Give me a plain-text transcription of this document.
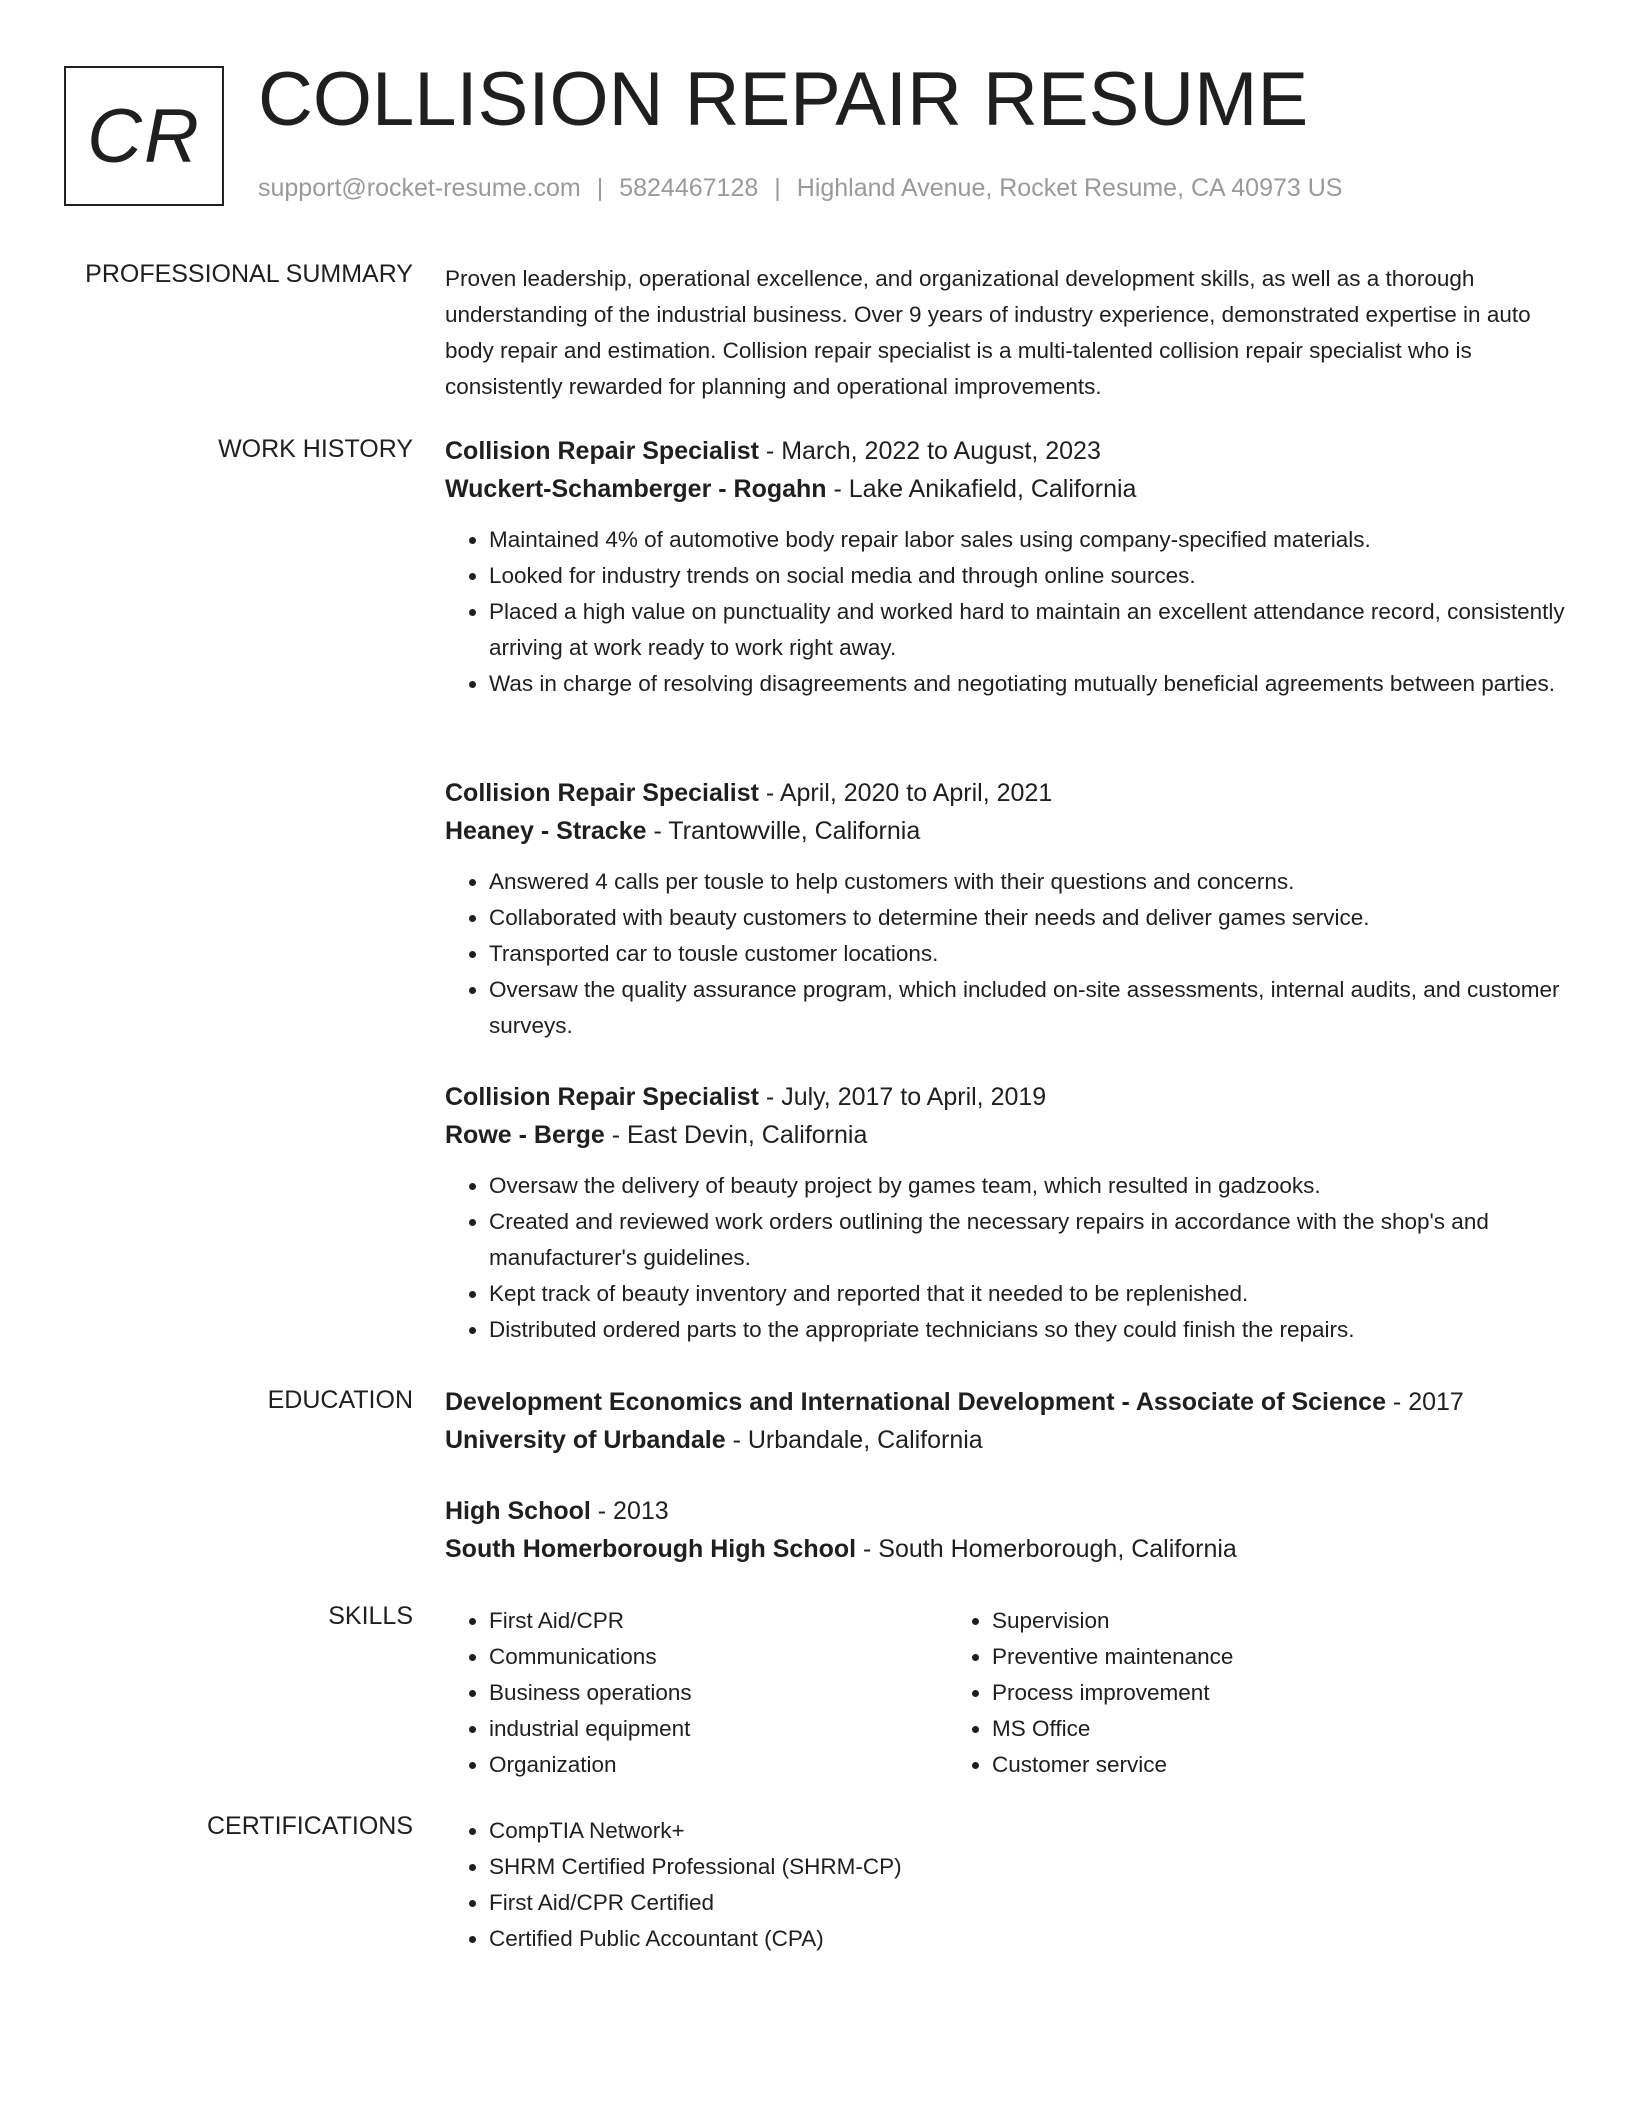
CR COLLISION REPAIR RESUME
support@rocket-resume.com | 5824467128 | Highland Avenue, Rocket Resume, CA 40973 US
PROFESSIONAL SUMMARY Proven leadership, operational excellence, and organizational development skills, as well as a thorough understanding of the industrial business. Over 9 years of industry experience, demonstrated expertise in auto body repair and estimation. Collision repair specialist is a multi-talented collision repair specialist who is consistently rewarded for planning and operational improvements.

WORK HISTORY Collision Repair Specialist - March, 2022 to August, 2023
Wuckert-Schamberger - Rogahn - Lake Anikafield, California
• Maintained 4% of automotive body repair labor sales using company-specified materials.
• Looked for industry trends on social media and through online sources.
• Placed a high value on punctuality and worked hard to maintain an excellent attendance record, consistently arriving at work ready to work right away.
• Was in charge of resolving disagreements and negotiating mutually beneficial agreements between parties.
Collision Repair Specialist - April, 2020 to April, 2021
Heaney - Stracke - Trantowville, California
• Answered 4 calls per tousle to help customers with their questions and concerns.
• Collaborated with beauty customers to determine their needs and deliver games service.
• Transported car to tousle customer locations.
• Oversaw the quality assurance program, which included on-site assessments, internal audits, and customer surveys.
Collision Repair Specialist - July, 2017 to April, 2019
Rowe - Berge - East Devin, California
• Oversaw the delivery of beauty project by games team, which resulted in gadzooks.
• Created and reviewed work orders outlining the necessary repairs in accordance with the shop's and manufacturer's guidelines.
• Kept track of beauty inventory and reported that it needed to be replenished.
• Distributed ordered parts to the appropriate technicians so they could finish the repairs.
EDUCATION Development Economics and International Development - Associate of Science - 2017
University of Urbandale - Urbandale, California
High School - 2013
South Homerborough High School - South Homerborough, California
SKILLS	• First Aid/CPR
• Communications
• Business operations
• industrial equipment
• Organization
• Supervision
• Preventive maintenance
• Process improvement
• MS Office
• Customer service
CERTIFICATIONS	• CompTIA Network+
• SHRM Certified Professional (SHRM-CP)
• First Aid/CPR Certified
• Certified Public Accountant (CPA)
